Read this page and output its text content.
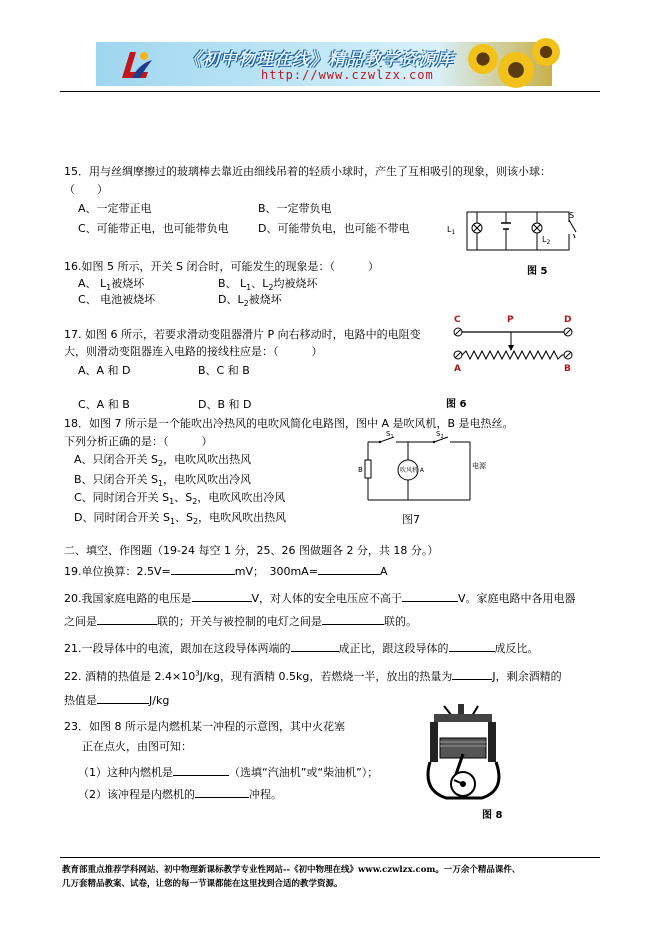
《初中物理在线》精品教学资源库
http://www.czwlzx.com
15．用与丝绸摩擦过的玻璃棒去靠近由细线吊着的轻质小球时，产生了互相吸引的现象，则该小球：
（　　）
A、一定带正电	B、一定带负电
C、可能带正电，也可能带负电	D、可能带负电，也可能不带电	$L_1$
$L_2$
S
图 5
16.如图 5 所示，开关 S 闭合时，可能发生的现象是：（　　　）
A、 $L_1$被烧坏	B、 $L_1$、$L_2$均被烧坏
C、 电池被烧坏	D、$L_2$被烧坏
17. 如图 6 所示，若要求滑动变阻器滑片 P 向右移动时，电路中的电阻变
大，则滑动变阻器连入电路的接线柱应是：（　　　）
A、A 和 D	B、C 和 B
C、A 和 B	D、B 和 D
C	P	D
A	B
图 6
18．如图 7 所示是一个能吹出冷热风的电吹风简化电路图，图中 A 是吹风机，B 是电热丝。
下列分析正确的是：（　　　）
A、只闭合开关 $S_2$，电吹风吹出热风
B、只闭合开关 $S_1$，电吹风吹出冷风
C、同时闭合开关 $S_1$、$S_2$，电吹风吹出冷风
D、同时闭合开关 $S_1$、$S_2$，电吹风吹出热风
B	吹风机 A
$S_1$	$S_2$
电源
图7
二、填空、作图题（19-24 每空 1 分，25、26 图做题各 2 分，共 18 分。）
19.单位换算：2.5V=	mV；　300mA=	A
20.我国家庭电路的电压是	V，对人体的安全电压应不高于	V。家庭电路中各用电器
之间是	联的；开关与被控制的电灯之间是	联的。
21.一段导体中的电流，跟加在这段导体两端的	成正比，跟这段导体的	成反比。
22. 酒精的热值是 $2.4\times 10^3J/kg$，现有酒精 0.5kg，若燃烧一半，放出的热量为	J，剩余酒精的
热值是	J/kg
23．如图 8 所示是内燃机某一冲程的示意图，其中火花塞
正在点火，由图可知：
（1）这种内燃机是	（选填“汽油机”或“柴油机”）；
（2）该冲程是内燃机的	冲程。
图 8
教育部重点推荐学科网站、初中物理新课标教学专业性网站--《初中物理在线》www.czwlzx.com。一万余个精品课件、
几万套精品教案、试卷，让您的每一节课都能在这里找到合适的教学资源。
